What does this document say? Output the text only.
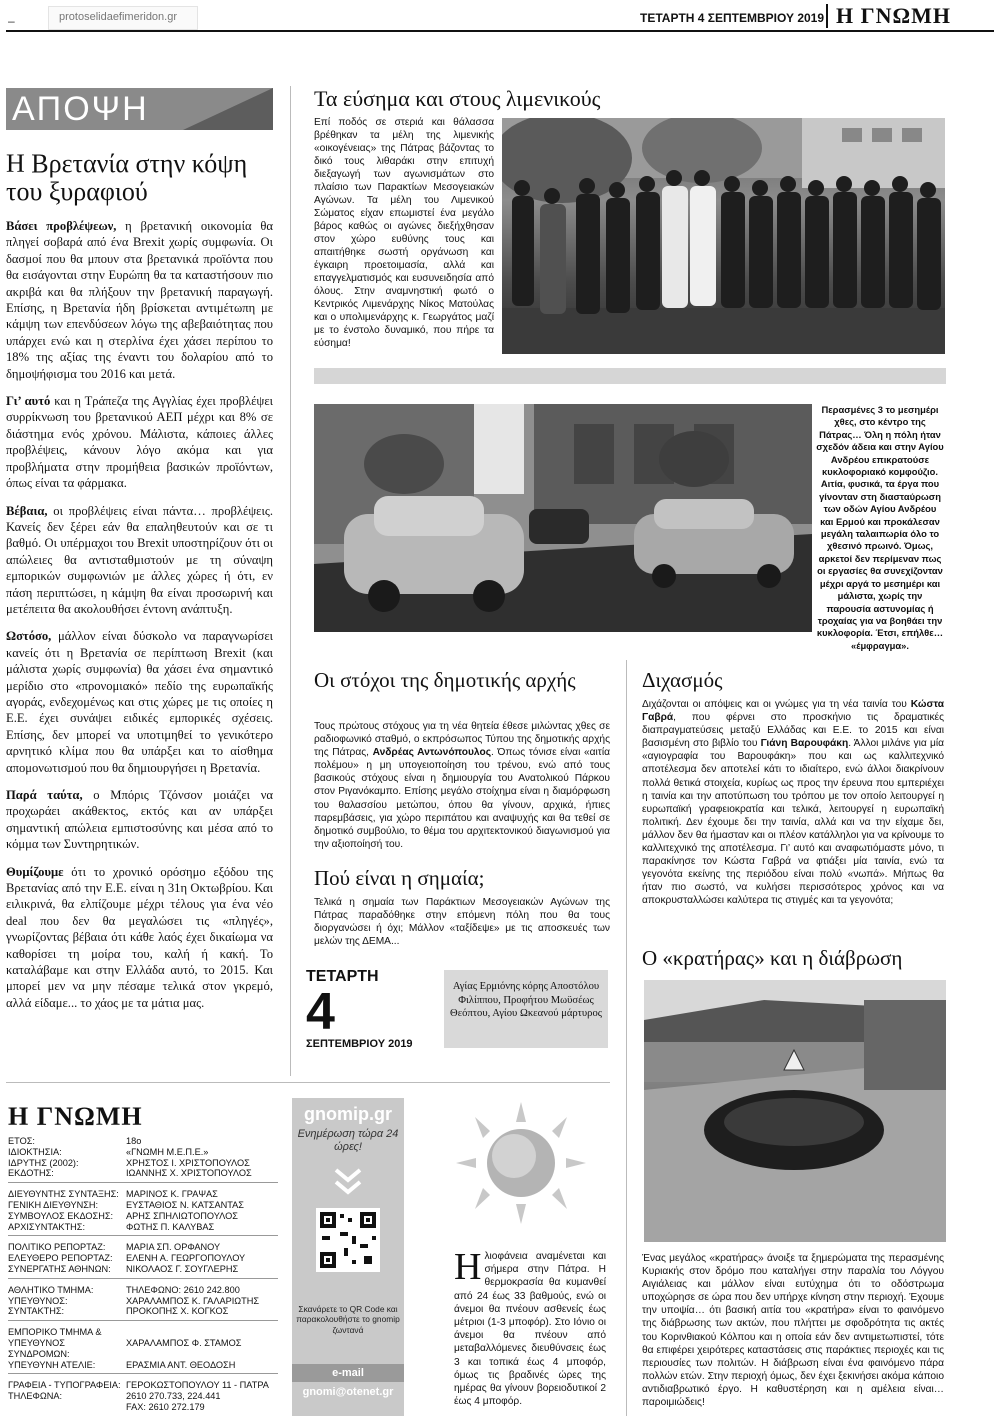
–	protoselidaefimeridon.gr	ΤΕΤΑΡΤΗ 4 ΣΕΠΤΕΜΒΡΙΟΥ 2019 Η ΓΝΩΜΗ
ΑΠΟΨΗ
Η Βρετανία στην κόψη του ξυραφιού

Βάσει προβλέψεων, η βρετανική οικονομία θα πληγεί σοβαρά από ένα Brexit χωρίς συμφωνία. Οι δασμοί που θα μπουν στα βρετανικά προϊόντα που θα εισάγονται στην Ευρώπη θα τα καταστήσουν πιο ακριβά και θα πλήξουν την βρετανική παραγωγή. Επίσης, η Βρετανία ήδη βρίσκεται αντιμέτωπη με κάμψη των επενδύσεων λόγω της αβεβαιότητας που υπάρχει ενώ και η στερλίνα έχει χάσει περίπου το 18% της αξίας της έναντι του δολαρίου από το δημοψήφισμα του 2016 και μετά.

Γι’ αυτό και η Τράπεζα της Αγγλίας έχει προβλέψει συρρίκνωση του βρετανικού ΑΕΠ μέχρι και 8% σε διάστημα ενός χρόνου. Μάλιστα, κάποιες άλλες προβλέψεις, κάνουν λόγο ακόμα και για προβλήματα στην προμήθεια βασικών προϊόντων, όπως είναι τα φάρμακα.

Βέβαια, οι προβλέψεις είναι πάντα… προβλέψεις. Κανείς δεν ξέρει εάν θα επαληθευτούν και σε τι βαθμό. Οι υπέρμαχοι του Brexit υποστηρίζουν ότι οι απώλειες θα αντισταθμιστούν με τη σύναψη εμπορικών συμφωνιών με άλλες χώρες ή ότι, εν πάση περιπτώσει, η κάμψη θα είναι προσωρινή και μετέπειτα θα ακολουθήσει έντονη ανάπτυξη.

Ωστόσο, μάλλον είναι δύσκολο να παραγνωρίσει κανείς ότι η Βρετανία σε περίπτωση Brexit (και μάλιστα χωρίς συμφωνία) θα χάσει ένα σημαντικό μερίδιο στο «προνομιακό» πεδίο της ευρωπαϊκής αγοράς, ενδεχομένως και στις χώρες με τις οποίες η Ε.Ε. έχει συνάψει ειδικές εμπορικές σχέσεις. Επίσης, δεν μπορεί να υποτιμηθεί το γενικότερο αρνητικό κλίμα που θα υπάρξει και το αίσθημα απομονωτισμού που θα δημιουργήσει η Βρετανία.

Παρά ταύτα, ο Μπόρις Τζόνσον μοιάζει να προχωράει ακάθεκτος, εκτός και αν υπάρξει σημαντική απώλεια εμπιστοσύνης και μέσα από το κόμμα των Συντηρητικών.

Θυμίζουμε ότι το χρονικό ορόσημο εξόδου της Βρετανίας από την Ε.Ε. είναι η 31η Οκτωβρίου. Και ειλικρινά, θα ελπίζουμε μέχρι τέλους για ένα νέο deal που δεν θα μεγαλώσει τις «πληγές», γνωρίζοντας βέβαια ότι κάθε λαός έχει δικαίωμα να καθορίσει τη μοίρα του, καλή ή κακή. Το καταλάβαμε και στην Ελλάδα αυτό, το 2015. Και μπορεί μεν να μην πέσαμε τελικά στον γκρεμό, αλλά είδαμε... το χάος με τα μάτια μας.

Τα εύσημα και στους λιμενικούς
Επί ποδός σε στεριά και θάλασσα βρέθηκαν τα μέλη της λιμενικής «οικογένειας» της Πάτρας βάζοντας το δικό τους λιθαράκι στην επιτυχή διεξαγωγή των αγωνισμάτων στο πλαίσιο των Παρακτίων Μεσογειακών Αγώνων. Τα μέλη του Λιμενικού Σώματος είχαν επωμιστεί ένα μεγάλο βάρος καθώς οι αγώνες διεξήχθησαν στον χώρο ευθύνης τους και απαιτήθηκε σωστή οργάνωση και έγκαιρη προετοιμασία, αλλά και επαγγελματισμός και ευσυνειδησία από όλους. Στην αναμνηστική φωτό ο Κεντρικός Λιμενάρχης Νίκος Ματούλας και ο υπολιμενάρχης κ. Γεωργάτος μαζί με το ένστολο δυναμικό, που πήρε τα εύσημα!
Περασμένες 3 το μεσημέρι χθες, στο κέντρο της Πάτρας… Όλη η πόλη ήταν σχεδόν άδεια και στην Αγίου Ανδρέου επικρατούσε κυκλοφοριακό κομφούζιο. Αιτία, φυσικά, τα έργα που γίνονταν στη διασταύρωση των οδών Αγίου Ανδρέου και Ερμού και προκάλεσαν μεγάλη ταλαιπωρία όλο το χθεσινό πρωινό. Όμως, αρκετοί δεν περίμεναν πως οι εργασίες θα συνεχίζονταν μέχρι αργά το μεσημέρι και μάλιστα, χωρίς την παρουσία αστυνομίας ή τροχαίας για να βοηθάει την κυκλοφορία. Έτσι, επήλθε… «έμφραγμα».
Οι στόχοι της δημοτικής αρχής
Τους πρώτους στόχους για τη νέα θητεία έθεσε μιλώντας χθες σε ραδιοφωνικό σταθμό, ο εκπρόσωπος Τύπου της δημοτικής αρχής της Πάτρας, Ανδρέας Αντωνόπουλος. Όπως τόνισε είναι «αιτία πολέμου» η μη υπογειοποίηση του τρένου, ενώ από τους βασικούς στόχους είναι η δημιουργία του Ανατολικού Πάρκου στον Ριγανόκαμπο. Επίσης μεγάλο στοίχημα είναι η διαμόρφωση του θαλασσίου μετώπου, όπου θα γίνουν, αρχικά, ήπιες παρεμβάσεις, για χώρο περιπάτου και αναψυχής και θα τεθεί σε δημοτικό συμβούλιο, το θέμα του αρχιτεκτονικού διαγωνισμού για την αξιοποίησή του.
Πού είναι η σημαία;
Τελικά η σημαία των Παράκτιων Μεσογειακών Αγώνων της Πάτρας παραδόθηκε στην επόμενη πόλη που θα τους διοργανώσει ή όχι; Μάλλον «ταξίδεψε» με τις αποσκευές των μελών της ΔΕΜΑ...
ΤΕΤΑΡΤΗ
4
ΣΕΠΤΕΜΒΡΙΟΥ 2019
Αγίας Ερμιόνης κόρης Αποστόλου Φιλίππου, Προφήτου Μωϋσέως Θεόπτου, Αγίου Ωκεανού μάρτυρος
Διχασμός
Διχάζονται οι απόψεις και οι γνώμες για τη νέα ταινία του Κώστα Γαβρά, που φέρνει στο προσκήνιο τις δραματικές διαπραγματεύσεις μεταξύ Ελλάδας και Ε.Ε. το 2015 και είναι βασισμένη στο βιβλίο του Γιάνη Βαρουφάκη. Άλλοι μιλάνε για μία «αγιογραφία του Βαρουφάκη» που και ως καλλιτεχνικό αποτέλεσμα δεν αποτελεί κάτι το ιδιαίτερο, ενώ άλλοι διακρίνουν πολλά θετικά στοιχεία, κυρίως ως προς την έρευνα που εμπεριέχει η ταινία και την αποτύπωση του τρόπου με τον οποίο λειτουργεί η ευρωπαϊκή γραφειοκρατία και τελικά, λειτουργεί η ευρωπαϊκή πολιτική. Δεν έχουμε δει την ταινία, αλλά και να την είχαμε δει, μάλλον δεν θα ήμασταν και οι πλέον κατάλληλοι για να κρίνουμε το καλλιτεχνικό της αποτέλεσμα. Γι’ αυτό και αναφωτιόμαστε μόνο, τι παρακίνησε τον Κώστα Γαβρά να φτιάξει μία ταινία, ενώ τα γεγονότα εκείνης της περιόδου είναι πολύ «νωπά». Μήπως θα ήταν πιο σωστό, να κυλήσει περισσότερος χρόνος και να αποκρυσταλλώσει καλύτερα τις στιγμές και τα γεγονότα;
Ο «κρατήρας» και η διάβρωση
Ένας μεγάλος «κρατήρας» άνοιξε τα ξημερώματα της περασμένης Κυριακής στον δρόμο που καταλήγει στην παραλία του Λόγγου Αιγιάλειας και μάλλον είναι ευτύχημα ότι το οδόστρωμα υποχώρησε σε ώρα που δεν υπήρχε κίνηση στην περιοχή. Έχουμε την υποψία… ότι βασική αιτία του «κρατήρα» είναι το φαινόμενο της διάβρωσης των ακτών, που πλήττει με σφοδρότητα τις ακτές του Κορινθιακού Κόλπου και η οποία εάν δεν αντιμετωπιστεί, τότε θα επιφέρει χειρότερες καταστάσεις στις παράκτιες περιοχές και τις περιουσίες των πολιτών. Η διάβρωση είναι ένα φαινόμενο πάρα πολλών ετών. Στην περιοχή όμως, δεν έχει ξεκινήσει ακόμα κάποιο αντιδιαβρωτικό έργο. Η καθυστέρηση και η αμέλεια είναι… παροιμιώδεις!
Η ΓΝΩΜΗ
ΕΤΟΣ:	18ο
ΙΔΙΟΚΤΗΣΙΑ:	«ΓΝΩΜΗ Μ.Ε.Π.Ε.»
ΙΔΡΥΤΗΣ (2002):	ΧΡΗΣΤΟΣ Ι. ΧΡΙΣΤΟΠΟΥΛΟΣ
ΕΚΔΟΤΗΣ:	ΙΩΑΝΝΗΣ Χ. ΧΡΙΣΤΟΠΟΥΛΟΣ
ΔΙΕΥΘΥΝΤΗΣ ΣΥΝΤΑΞΗΣ: ΜΑΡΙΝΟΣ Κ. ΓΡΑΨΑΣ
ΓΕΝΙΚΗ ΔΙΕΥΘΥΝΣΗ:	ΕΥΣΤΑΘΙΟΣ Ν. ΚΑΤΣΑΝΤΑΣ
ΣΥΜΒΟΥΛΟΣ ΕΚΔΟΣΗΣ:	ΑΡΗΣ ΣΠΗΛΙΩΤΟΠΟΥΛΟΣ
ΑΡΧΙΣΥΝΤΑΚΤΗΣ:	ΦΩΤΗΣ Π. ΚΑΛΥΒΑΣ
ΠΟΛΙΤΙΚΟ ΡΕΠΟΡΤΑΖ:	ΜΑΡΙΑ ΣΠ. ΟΡΦΑΝΟΥ
ΕΛΕΥΘΕΡΟ ΡΕΠΟΡΤΑΖ:	ΕΛΕΝΗ Α. ΓΕΩΡΓΟΠΟΥΛΟΥ
ΣΥΝΕΡΓΑΤΗΣ ΑΘΗΝΩΝ:	ΝΙΚΟΛΑΟΣ Γ. ΣΟΥΓΛΕΡΗΣ
ΑΘΛΗΤΙΚΟ ΤΜΗΜΑ:	ΤΗΛΕΦΩΝΟ: 2610 242.800
ΥΠΕΥΘΥΝΟΣ:	ΧΑΡΑΛΑΜΠΟΣ Κ. ΓΑΛΑΡΙΩΤΗΣ
ΣΥΝΤΑΚΤΗΣ:	ΠΡΟΚΟΠΗΣ Χ. ΚΟΓΚΟΣ
ΕΜΠΟΡΙΚΟ ΤΜΗΜΑ &
ΥΠΕΥΘΥΝΟΣ ΣΥΝΔΡΟΜΩΝ:
ΧΑΡΑΛΑΜΠΟΣ Φ. ΣΤΑΜΟΣ
ΥΠΕΥΘΥΝΗ ΑΤΕΛΙΕ:	ΕΡΑΣΜΙΑ ΑΝΤ. ΘΕΟΔΟΣΗ
ΓΡΑΦΕΙΑ - ΤΥΠΟΓΡΑΦΕΙΑ: ΓΕΡΟΚΩΣΤΟΠΟΥΛΟΥ 11 - ΠΑΤΡΑ
ΤΗΛΕΦΩΝΑ:	2610 270.733, 224.441
FAX: 2610 272.179
gnomip.gr
Ενημέρωση τώρα 24 ώρες!
Σκανάρετε το QR Code και παρακολουθήστε το gnomip ζωντανά
e-mail
gnomi@otenet.gr
Ηλιοφάνεια αναμένεται και σήμερα στην Πάτρα. Η θερμοκρασία θα κυμανθεί από 24 έως 33 βαθμούς, ενώ οι άνεμοι θα πνέουν ασθενείς έως μέτριοι (1-3 μποφόρ). Στο Ιόνιο οι άνεμοι θα πνέουν από μεταβαλλόμενες διευθύνσεις έως 3 και τοπικά έως 4 μποφόρ, όμως τις βραδινές ώρες της ημέρας θα γίνουν βορειοδυτικοί 2 έως 4 μποφόρ.
